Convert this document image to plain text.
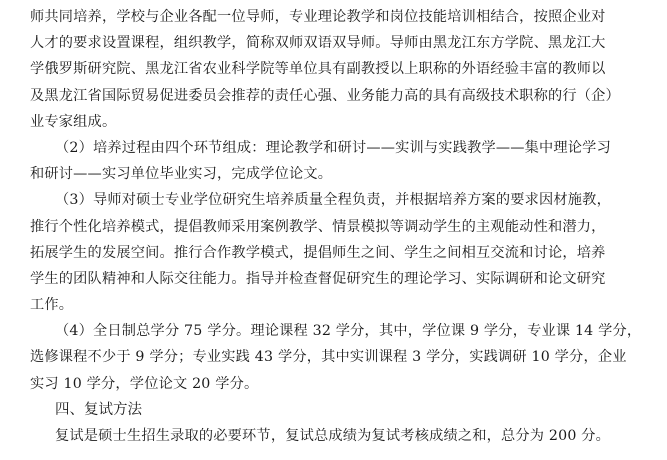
师共同培养，学校与企业各配一位导师，专业理论教学和岗位技能培训相结合，按照企业对
人才的要求设置课程，组织教学，简称双师双语双导师。导师由黑龙江东方学院、黑龙江大
学俄罗斯研究院、黑龙江省农业科学院等单位具有副教授以上职称的外语经验丰富的教师以
及黑龙江省国际贸易促进委员会推荐的责任心强、业务能力高的具有高级技术职称的行（企）
业专家组成。
（2）培养过程由四个环节组成：理论教学和研讨——实训与实践教学——集中理论学习
和研讨——实习单位毕业实习，完成学位论文。
（3）导师对硕士专业学位研究生培养质量全程负责，并根据培养方案的要求因材施教，
推行个性化培养模式，提倡教师采用案例教学、情景模拟等调动学生的主观能动性和潜力，
拓展学生的发展空间。推行合作教学模式，提倡师生之间、学生之间相互交流和讨论，培养
学生的团队精神和人际交往能力。指导并检查督促研究生的理论学习、实际调研和论文研究
工作。
（4）全日制总学分 75 学分。理论课程 32 学分，其中，学位课 9 学分，专业课 14 学分，
选修课程不少于 9 学分；专业实践 43 学分，其中实训课程 3 学分，实践调研 10 学分，企业
实习 10 学分，学位论文 20 学分。
四、复试方法
复试是硕士生招生录取的必要环节，复试总成绩为复试考核成绩之和，总分为 200 分。
